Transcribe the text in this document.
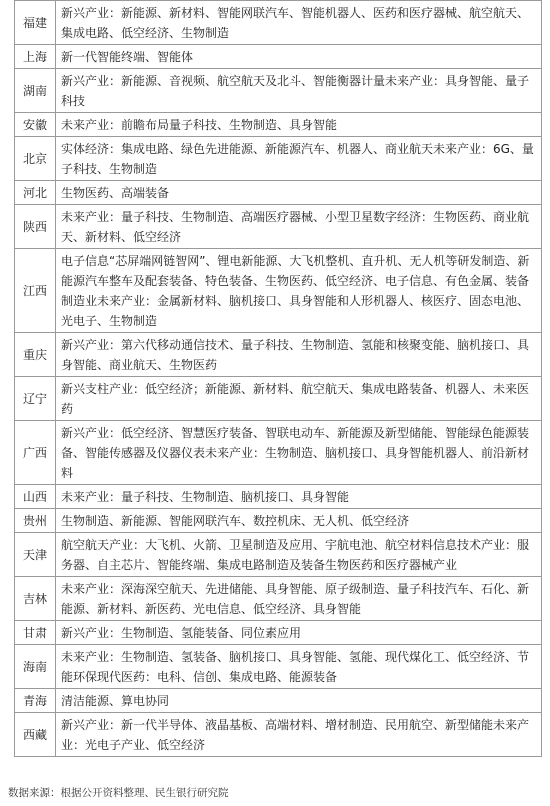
福建	新兴产业：新能源、新材料、智能网联汽车、智能机器人、医药和医疗器械、航空航天、集成电路、低空经济、生物制造
上海	新一代智能终端、智能体
湖南	新兴产业：新能源、音视频、航空航天及北斗、智能衡器计量未来产业：具身智能、量子科技
安徽	未来产业：前瞻布局量子科技、生物制造、具身智能
北京	实体经济：集成电路、绿色先进能源、新能源汽车、机器人、商业航天未来产业：6G、量子科技、生物制造
河北	生物医药、高端装备
陕西	未来产业：量子科技、生物制造、高端医疗器械、小型卫星数字经济：生物医药、商业航天、新材料、低空经济
江西	电子信息“芯屏端网链智网”、锂电新能源、大飞机整机、直升机、无人机等研发制造、新能源汽车整车及配套装备、特色装备、生物医药、低空经济、电子信息、有色金属、装备制造业未来产业：金属新材料、脑机接口、具身智能和人形机器人、核医疗、固态电池、光电子、生物制造
重庆	新兴产业：第六代移动通信技术、量子科技、生物制造、氢能和核聚变能、脑机接口、具身智能、商业航天、生物医药
辽宁	新兴支柱产业：低空经济；新能源、新材料、航空航天、集成电路装备、机器人、未来医药
广西	新兴产业：低空经济、智慧医疗装备、智联电动车、新能源及新型储能、智能绿色能源装备、智能传感器及仪器仪表未来产业：生物制造、脑机接口、具身智能机器人、前沿新材料
山西	未来产业：量子科技、生物制造、脑机接口、具身智能
贵州	生物制造、新能源、智能网联汽车、数控机床、无人机、低空经济
天津	航空航天产业：大飞机、火箭、卫星制造及应用、宇航电池、航空材料信息技术产业：服务器、自主芯片、智能终端、集成电路制造及装备生物医药和医疗器械产业
吉林	未来产业：深海深空航天、先进储能、具身智能、原子级制造、量子科技汽车、石化、新能源、新材料、新医药、光电信息、低空经济、具身智能
甘肃	新兴产业：生物制造、氢能装备、同位素应用
海南	未来产业：生物制造、氢装备、脑机接口、具身智能、氢能、现代煤化工、低空经济、节能环保现代医药：电科、信创、集成电路、能源装备
青海	清洁能源、算电协同
西藏	新兴产业：新一代半导体、液晶基板、高端材料、增材制造、民用航空、新型储能未来产业：光电子产业、低空经济
数据来源：根据公开资料整理、民生银行研究院
